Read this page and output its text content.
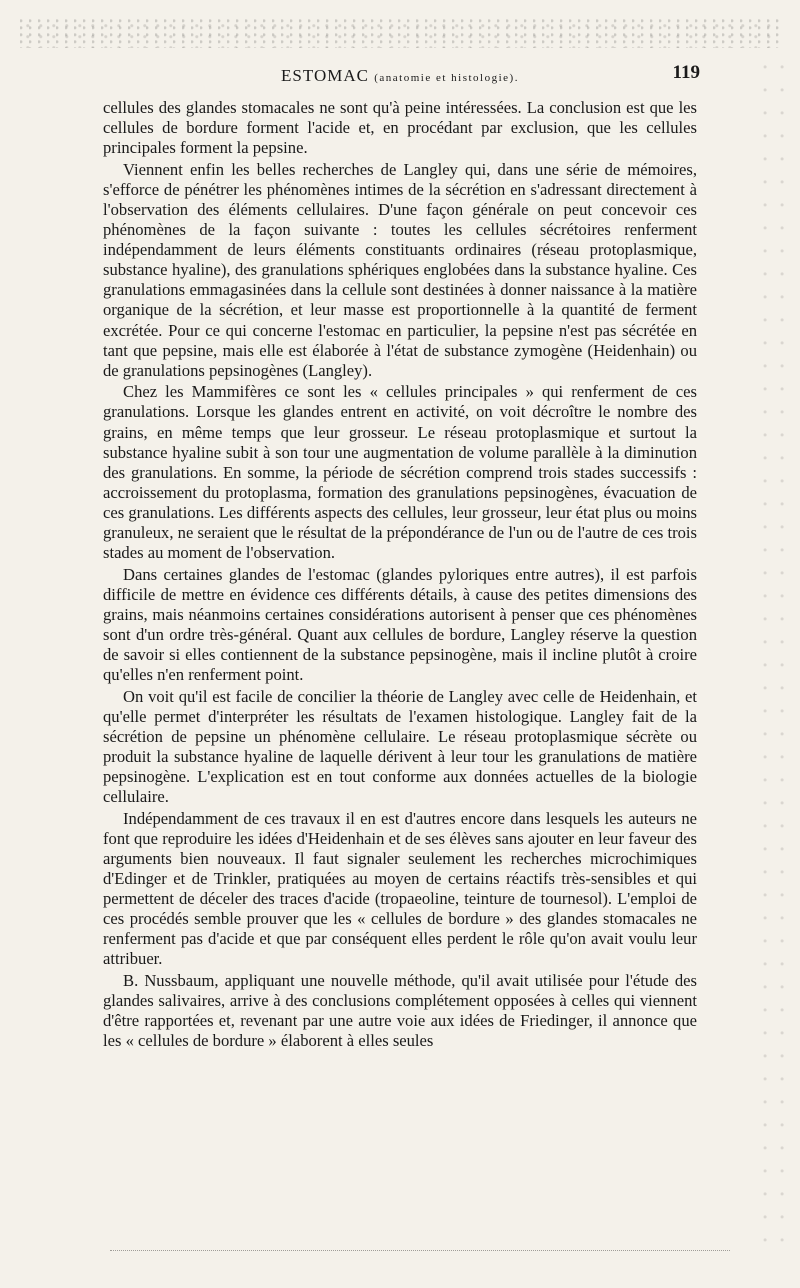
ESTOMAC (anatomie et histologie).	119

cellules des glandes stomacales ne sont qu'à peine intéressées. La conclusion est que les cellules de bordure forment l'acide et, en procédant par exclusion, que les cellules principales forment la pepsine.

Viennent enfin les belles recherches de Langley qui, dans une série de mémoires, s'efforce de pénétrer les phénomènes intimes de la sécrétion en s'adressant directement à l'observation des éléments cellulaires. D'une façon générale on peut concevoir ces phénomènes de la façon suivante : toutes les cellules sécrétoires renferment indépendamment de leurs éléments constituants ordinaires (réseau protoplasmique, substance hyaline), des granulations sphériques englobées dans la substance hyaline. Ces granulations emmagasinées dans la cellule sont destinées à donner naissance à la matière organique de la sécrétion, et leur masse est proportionnelle à la quantité de ferment excrétée. Pour ce qui concerne l'estomac en particulier, la pepsine n'est pas sécrétée en tant que pepsine, mais elle est élaborée à l'état de substance zymogène (Heidenhain) ou de granulations pepsinogènes (Langley).

Chez les Mammifères ce sont les « cellules principales » qui renferment de ces granulations. Lorsque les glandes entrent en activité, on voit décroître le nombre des grains, en même temps que leur grosseur. Le réseau protoplasmique et surtout la substance hyaline subit à son tour une augmentation de volume parallèle à la diminution des granulations. En somme, la période de sécrétion comprend trois stades successifs : accroissement du protoplasma, formation des granulations pepsinogènes, évacuation de ces granulations. Les différents aspects des cellules, leur grosseur, leur état plus ou moins granuleux, ne seraient que le résultat de la prépondérance de l'un ou de l'autre de ces trois stades au moment de l'observation.

Dans certaines glandes de l'estomac (glandes pyloriques entre autres), il est parfois difficile de mettre en évidence ces différents détails, à cause des petites dimensions des grains, mais néanmoins certaines considérations autorisent à penser que ces phénomènes sont d'un ordre très-général. Quant aux cellules de bordure, Langley réserve la question de savoir si elles contiennent de la substance pepsinogène, mais il incline plutôt à croire qu'elles n'en renferment point.

On voit qu'il est facile de concilier la théorie de Langley avec celle de Heidenhain, et qu'elle permet d'interpréter les résultats de l'examen histologique. Langley fait de la sécrétion de pepsine un phénomène cellulaire. Le réseau protoplasmique sécrète ou produit la substance hyaline de laquelle dérivent à leur tour les granulations de matière pepsinogène. L'explication est en tout conforme aux données actuelles de la biologie cellulaire.

Indépendamment de ces travaux il en est d'autres encore dans lesquels les auteurs ne font que reproduire les idées d'Heidenhain et de ses élèves sans ajouter en leur faveur des arguments bien nouveaux. Il faut signaler seulement les recherches microchimiques d'Edinger et de Trinkler, pratiquées au moyen de certains réactifs très-sensibles et qui permettent de déceler des traces d'acide (tropaeoline, teinture de tournesol). L'emploi de ces procédés semble prouver que les « cellules de bordure » des glandes stomacales ne renferment pas d'acide et que par conséquent elles perdent le rôle qu'on avait voulu leur attribuer.

B. Nussbaum, appliquant une nouvelle méthode, qu'il avait utilisée pour l'étude des glandes salivaires, arrive à des conclusions complétement opposées à celles qui viennent d'être rapportées et, revenant par une autre voie aux idées de Friedinger, il annonce que les « cellules de bordure » élaborent à elles seules
